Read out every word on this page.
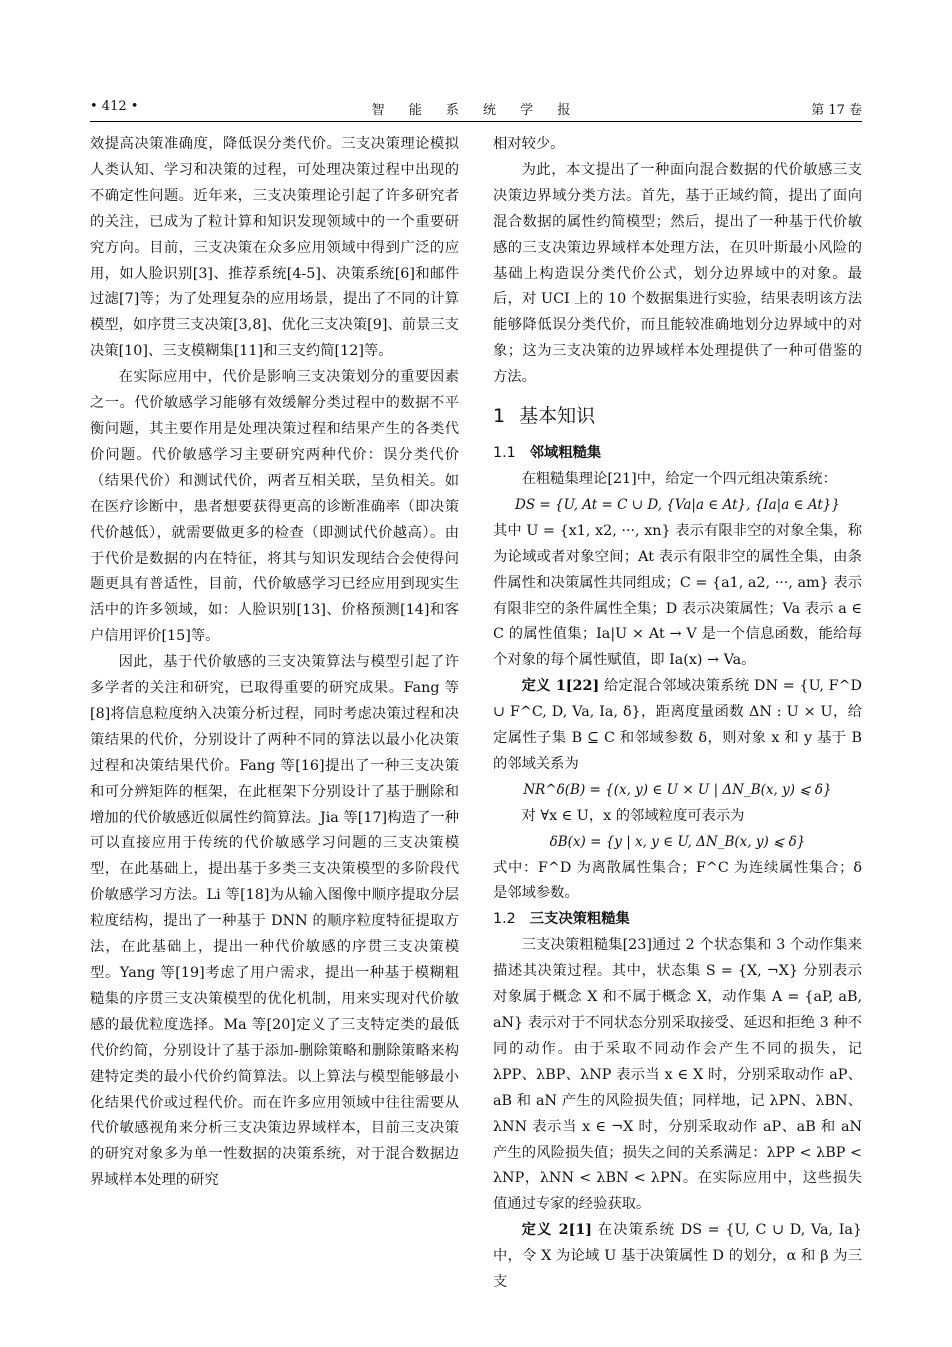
• 412 •	智 能 系 统 学 报	第 17 卷

效提高决策准确度，降低误分类代价。三支决策理论模拟人类认知、学习和决策的过程，可处理决策过程中出现的不确定性问题。近年来，三支决策理论引起了许多研究者的关注，已成为了粒计算和知识发现领域中的一个重要研究方向。目前，三支决策在众多应用领域中得到广泛的应用，如人脸识别[3]、推荐系统[4-5]、决策系统[6]和邮件过滤[7]等；为了处理复杂的应用场景，提出了不同的计算模型，如序贯三支决策[3,8]、优化三支决策[9]、前景三支决策[10]、三支模糊集[11]和三支约简[12]等。

在实际应用中，代价是影响三支决策划分的重要因素之一。代价敏感学习能够有效缓解分类过程中的数据不平衡问题，其主要作用是处理决策过程和结果产生的各类代价问题。代价敏感学习主要研究两种代价：误分类代价（结果代价）和测试代价，两者互相关联，呈负相关。如在医疗诊断中，患者想要获得更高的诊断准确率（即决策代价越低），就需要做更多的检查（即测试代价越高）。由于代价是数据的内在特征，将其与知识发现结合会使得问题更具有普适性，目前，代价敏感学习已经应用到现实生活中的许多领域，如：人脸识别[13]、价格预测[14]和客户信用评价[15]等。

因此，基于代价敏感的三支决策算法与模型引起了许多学者的关注和研究，已取得重要的研究成果。Fang 等[8]将信息粒度纳入决策分析过程，同时考虑决策过程和决策结果的代价，分别设计了两种不同的算法以最小化决策过程和决策结果代价。Fang 等[16]提出了一种三支决策和可分辨矩阵的框架，在此框架下分别设计了基于删除和增加的代价敏感近似属性约简算法。Jia 等[17]构造了一种可以直接应用于传统的代价敏感学习问题的三支决策模型，在此基础上，提出基于多类三支决策模型的多阶段代价敏感学习方法。Li 等[18]为从输入图像中顺序提取分层粒度结构，提出了一种基于 DNN 的顺序粒度特征提取方法，在此基础上，提出一种代价敏感的序贯三支决策模型。Yang 等[19]考虑了用户需求，提出一种基于模糊粗糙集的序贯三支决策模型的优化机制，用来实现对代价敏感的最优粒度选择。Ma 等[20]定义了三支特定类的最低代价约简，分别设计了基于添加-删除策略和删除策略来构建特定类的最小代价约简算法。以上算法与模型能够最小化结果代价或过程代价。而在许多应用领域中往往需要从代价敏感视角来分析三支决策边界域样本，目前三支决策的研究对象多为单一性数据的决策系统，对于混合数据边界域样本处理的研究

相对较少。

为此，本文提出了一种面向混合数据的代价敏感三支决策边界域分类方法。首先，基于正域约简，提出了面向混合数据的属性约简模型；然后，提出了一种基于代价敏感的三支决策边界域样本处理方法，在贝叶斯最小风险的基础上构造误分类代价公式，划分边界域中的对象。最后，对 UCI 上的 10 个数据集进行实验，结果表明该方法能够降低误分类代价，而且能较准确地划分边界域中的对象；这为三支决策的边界域样本处理提供了一种可借鉴的方法。

1 基本知识
1.1 邻域粗糙集

在粗糙集理论[21]中，给定一个四元组决策系统：

DS = {U, At = C ∪ D, {Va|a ∈ At}, {Ia|a ∈ At}}

其中 U = {x1, x2, ···, xn} 表示有限非空的对象全集，称为论域或者对象空间；At 表示有限非空的属性全集，由条件属性和决策属性共同组成；C = {a1, a2, ···, am} 表示有限非空的条件属性全集；D 表示决策属性；Va 表示 a ∈ C 的属性值集；Ia|U × At → V 是一个信息函数，能给每个对象的每个属性赋值，即 Ia(x) → Va。

定义 1[22] 给定混合邻域决策系统 DN = {U, F^D ∪ F^C, D, Va, Ia, δ}，距离度量函数 ΔN : U × U，给定属性子集 B ⊆ C 和邻域参数 δ，则对象 x 和 y 基于 B 的邻域关系为

NR^δ(B) = {(x, y) ∈ U × U | ΔN_B(x, y) ⩽ δ}

对 ∀x ∈ U，x 的邻域粒度可表示为

δB(x) = {y | x, y ∈ U, ΔN_B(x, y) ⩽ δ}

式中：F^D 为离散属性集合；F^C 为连续属性集合；δ 是邻域参数。

1.2 三支决策粗糙集

三支决策粗糙集[23]通过 2 个状态集和 3 个动作集来描述其决策过程。其中，状态集 S = {X, ¬X} 分别表示对象属于概念 X 和不属于概念 X，动作集 A = {aP, aB, aN} 表示对于不同状态分别采取接受、延迟和拒绝 3 种不同的动作。由于采取不同动作会产生不同的损失，记 λPP、λBP、λNP 表示当 x ∈ X 时，分别采取动作 aP、aB 和 aN 产生的风险损失值；同样地，记 λPN、λBN、λNN 表示当 x ∈ ¬X 时，分别采取动作 aP、aB 和 aN 产生的风险损失值；损失之间的关系满足：λPP < λBP < λNP，λNN < λBN < λPN。在实际应用中，这些损失值通过专家的经验获取。

定义 2[1] 在决策系统 DS = {U, C ∪ D, Va, Ia} 中，令 X 为论域 U 基于决策属性 D 的划分，α 和 β 为三支
